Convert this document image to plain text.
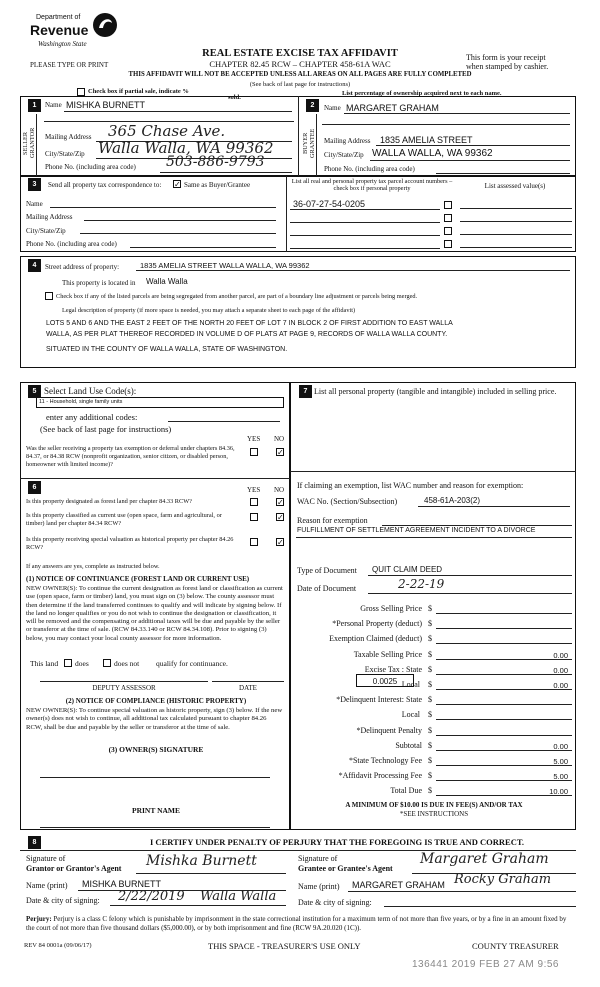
Department of
Revenue
Washington State
REAL ESTATE EXCISE TAX AFFIDAVIT
CHAPTER 82.45 RCW – CHAPTER 458-61A WAC
PLEASE TYPE OR PRINT
This form is your receipt
when stamped by cashier.
THIS AFFIDAVIT WILL NOT BE ACCEPTED UNLESS ALL AREAS ON ALL PAGES ARE FULLY COMPLETED
(See back of last page for instructions)
Check box if partial sale, indicate %
sold.
List percentage of ownership acquired next to each name.
1
SELLER GRANTOR
Name MISHKA BURNETT
Mailing Address 365 Chase Ave.
City/State/Zip Walla Walla, WA 99362
Phone No. (including area code) 503-886-9793
2
BUYER GRANTEE
Name MARGARET GRAHAM
Mailing Address 1835 AMELIA STREET
City/State/Zip WALLA WALLA, WA 99362
Phone No. (including area code)
3	Send all property tax correspondence to: ✓ Same as Buyer/Grantee
Name
Mailing Address
City/State/Zip
Phone No. (including area code)
List all real and personal property tax parcel account numbers – check box if personal property	List assessed value(s)
36-07-27-54-0205
4	Street address of property:	1835 AMELIA STREET WALLA WALLA, WA 99362
This property is located in Walla Walla
Check box if any of the listed parcels are being segregated from another parcel, are part of a boundary line adjustment or parcels being merged.
Legal description of property (if more space is needed, you may attach a separate sheet to each page of the affidavit)
LOTS 5 AND 6 AND THE EAST 2 FEET OF THE NORTH 20 FEET OF LOT 7 IN BLOCK 2 OF FIRST ADDITION TO EAST WALLA
WALLA, AS PER PLAT THEREOF RECORDED IN VOLUME D OF PLATS AT PAGE 9, RECORDS OF WALLA WALLA COUNTY.
SITUATED IN THE COUNTY OF WALLA WALLA, STATE OF WASHINGTON.
5 Select Land Use Code(s):
11 - Household, single family units
enter any additional codes:
(See back of last page for instructions)
YES NO
Was the seller receiving a property tax exemption or deferral under chapters 84.36, 84.37, or 84.38 RCW (nonprofit organization, senior citizen, or disabled person, homeowner with limited income)?
✓
6	YES NO
Is this property designated as forest land per chapter 84.33 RCW?	✓
Is this property classified as current use (open space, farm and agricultural, or timber) land per chapter 84.34 RCW?
✓
Is this property receiving special valuation as historical property per chapter 84.26 RCW?
✓
If any answers are yes, complete as instructed below.
(1) NOTICE OF CONTINUANCE (FOREST LAND OR CURRENT USE)
NEW OWNER(S): To continue the current designation as forest land or classification as current use (open space, farm or timber) land, you must sign on (3) below. The county assessor must then determine if the land transferred continues to qualify and will indicate by signing below. If the land no longer qualifies or you do not wish to continue the designation or classification, it will be removed and the compensating or additional taxes will be due and payable by the seller or transferor at the time of sale. (RCW 84.33.140 or RCW 84.34.108). Prior to signing (3) below, you may contact your local county assessor for more information.
This land does	does not qualify for continuance.
DEPUTY ASSESSOR	DATE
(2) NOTICE OF COMPLIANCE (HISTORIC PROPERTY)
NEW OWNER(S): To continue special valuation as historic property, sign (3) below. If the new owner(s) does not wish to continue, all additional tax calculated pursuant to chapter 84.26 RCW, shall be due and payable by the seller or transferor at the time of sale.
(3) OWNER(S) SIGNATURE
PRINT NAME
7 List all personal property (tangible and intangible) included in selling price.
If claiming an exemption, list WAC number and reason for exemption:
WAC No. (Section/Subsection)	458-61A-203(2)
Reason for exemption
FULFILLMENT OF SETTLEMENT AGREEMENT INCIDENT TO A DIVORCE
Type of Document QUIT CLAIM DEED
Date of Document	2-22-19
Gross Selling Price $
*Personal Property (deduct) $
Exemption Claimed (deduct) $
Taxable Selling Price $	0.00
Excise Tax : State $	0.00
Local $	0.00
*Delinquent Interest: State $
Local $
*Delinquent Penalty $
Subtotal $	0.00
*State Technology Fee $	5.00
*Affidavit Processing Fee $	5.00
Total Due $	10.00
0.0025
A MINIMUM OF $10.00 IS DUE IN FEE(S) AND/OR TAX
*SEE INSTRUCTIONS
8	I CERTIFY UNDER PENALTY OF PERJURY THAT THE FOREGOING IS TRUE AND CORRECT.
Signature of
Grantor or Grantor's Agent Mishka Burnett
Name (print) MISHKA BURNETT
Date & city of signing: 2/22/2019 Walla Walla
Signature of
Grantee or Grantee's Agent
Margaret Graham
Name (print) MARGARET GRAHAM Rocky Graham
Date & city of signing:
Perjury: Perjury is a class C felony which is punishable by imprisonment in the state correctional institution for a maximum term of not more than five years, or by a fine in an amount fixed by the court of not more than five thousand dollars ($5,000.00), or by both imprisonment and fine (RCW 9A.20.020 (1C)).
REV 84 0001a (09/06/17)	THIS SPACE - TREASURER'S USE ONLY	COUNTY TREASURER
136441 2019 FEB 27 AM 9:56
